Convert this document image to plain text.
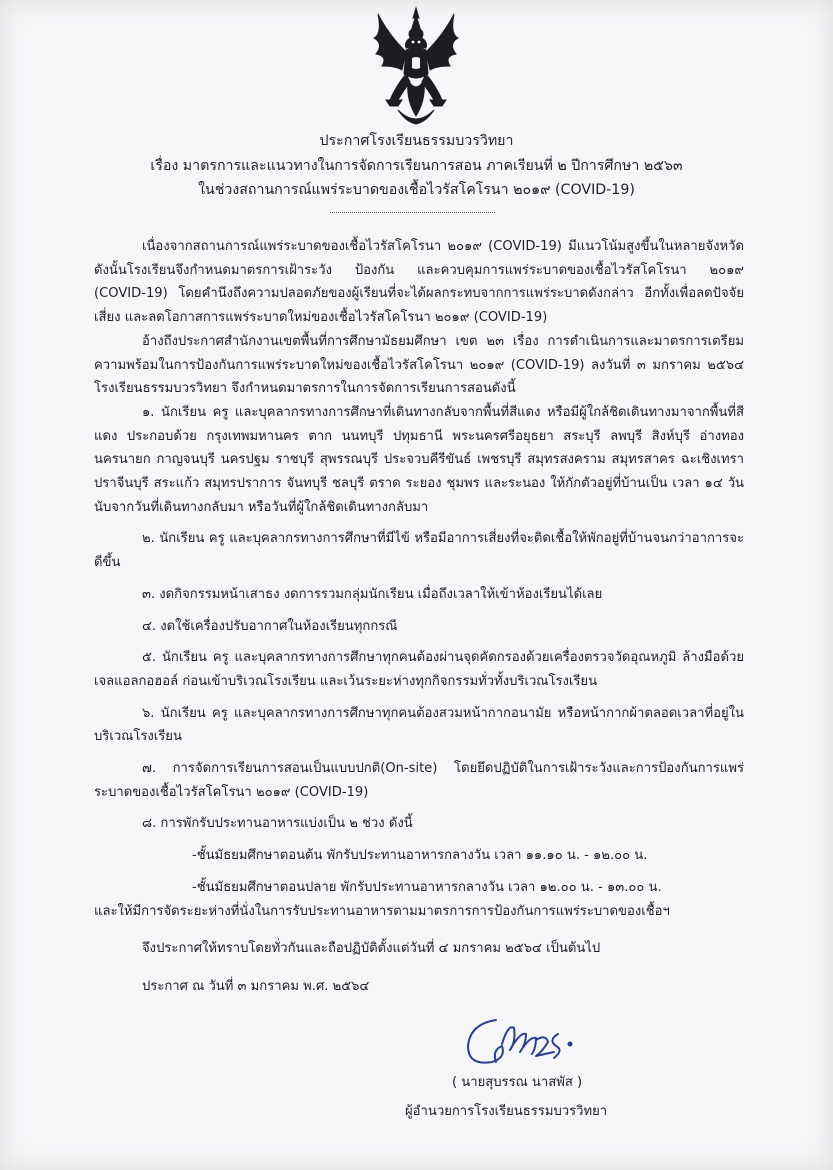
ประกาศโรงเรียนธรรมบวรวิทยา
เรื่อง มาตรการและแนวทางในการจัดการเรียนการสอน ภาคเรียนที่ ๒ ปีการศึกษา ๒๕๖๓
ในช่วงสถานการณ์แพร่ระบาดของเชื้อไวรัสโคโรนา ๒๐๑๙ (COVID-19)

เนื่องจากสถานการณ์แพร่ระบาดของเชื้อไวรัสโคโรนา ๒๐๑๙ (COVID-19) มีแนวโน้มสูงขึ้นในหลายจังหวัด ดังนั้นโรงเรียนจึงกำหนดมาตรการเฝ้าระวัง ป้องกัน และควบคุมการแพร่ระบาดของเชื้อไวรัสโคโรนา ๒๐๑๙ (COVID-19) โดยคำนึงถึงความปลอดภัยของผู้เรียนที่จะได้ผลกระทบจากการแพร่ระบาดดังกล่าว อีกทั้งเพื่อลดปัจจัยเสี่ยง และลดโอกาสการแพร่ระบาดใหม่ของเชื้อไวรัสโคโรนา ๒๐๑๙ (COVID-19)

อ้างถึงประกาศสำนักงานเขตพื้นที่การศึกษามัธยมศึกษา เขต ๒๓ เรื่อง การดำเนินการและมาตรการเตรียมความพร้อมในการป้องกันการแพร่ระบาดใหม่ของเชื้อไวรัสโคโรนา ๒๐๑๙ (COVID-19) ลงวันที่ ๓ มกราคม ๒๕๖๔ โรงเรียนธรรมบวรวิทยา จึงกำหนดมาตรการในการจัดการเรียนการสอนดังนี้

๑. นักเรียน ครู และบุคลากรทางการศึกษาที่เดินทางกลับจากพื้นที่สีแดง หรือมีผู้ใกล้ชิดเดินทางมาจากพื้นที่สีแดง ประกอบด้วย กรุงเทพมหานคร ตาก นนทบุรี ปทุมธานี พระนครศรีอยุธยา สระบุรี ลพบุรี สิงห์บุรี อ่างทอง นครนายก กาญจนบุรี นครปฐม ราชบุรี สุพรรณบุรี ประจวบคีรีขันธ์ เพชรบุรี สมุทรสงคราม สมุทรสาคร ฉะเชิงเทรา ปราจีนบุรี สระแก้ว สมุทรปราการ จันทบุรี ชลบุรี ตราด ระยอง ชุมพร และระนอง ให้กักตัวอยู่ที่บ้านเป็น เวลา ๑๔ วัน นับจากวันที่เดินทางกลับมา หรือวันที่ผู้ใกล้ชิดเดินทางกลับมา

๒. นักเรียน ครู และบุคลากรทางการศึกษาที่มีไข้ หรือมีอาการเสี่ยงที่จะติดเชื้อให้พักอยู่ที่บ้านจนกว่าอาการจะดีขึ้น

๓. งดกิจกรรมหน้าเสาธง งดการรวมกลุ่มนักเรียน เมื่อถึงเวลาให้เข้าห้องเรียนได้เลย

๔. งดใช้เครื่องปรับอากาศในห้องเรียนทุกกรณี

๕. นักเรียน ครู และบุคลากรทางการศึกษาทุกคนต้องผ่านจุดคัดกรองด้วยเครื่องตรวจวัดอุณหภูมิ ล้างมือด้วยเจลแอลกอฮอล์ ก่อนเข้าบริเวณโรงเรียน และเว้นระยะห่างทุกกิจกรรมทั่วทั้งบริเวณโรงเรียน

๖. นักเรียน ครู และบุคลากรทางการศึกษาทุกคนต้องสวมหน้ากากอนามัย หรือหน้ากากผ้าตลอดเวลาที่อยู่ในบริเวณโรงเรียน

๗. การจัดการเรียนการสอนเป็นแบบปกติ(On-site) โดยยึดปฏิบัติในการเฝ้าระวังและการป้องกันการแพร่ระบาดของเชื้อไวรัสโคโรนา ๒๐๑๙ (COVID-19)

๘. การพักรับประทานอาหารแบ่งเป็น ๒ ช่วง ดังนี้

-ชั้นมัธยมศึกษาตอนต้น พักรับประทานอาหารกลางวัน เวลา ๑๑.๑๐ น. - ๑๒.๐๐ น.

-ชั้นมัธยมศึกษาตอนปลาย พักรับประทานอาหารกลางวัน เวลา ๑๒.๐๐ น. - ๑๓.๐๐ น.

และให้มีการจัดระยะห่างที่นั่งในการรับประทานอาหารตามมาตรการการป้องกันการแพร่ระบาดของเชื้อฯ

จึงประกาศให้ทราบโดยทั่วกันและถือปฏิบัติตั้งแต่วันที่ ๔ มกราคม ๒๕๖๔ เป็นต้นไป

ประกาศ ณ วันที่ ๓ มกราคม พ.ศ. ๒๕๖๔

( นายสุบรรณ นาสพัส )
ผู้อำนวยการโรงเรียนธรรมบวรวิทยา
